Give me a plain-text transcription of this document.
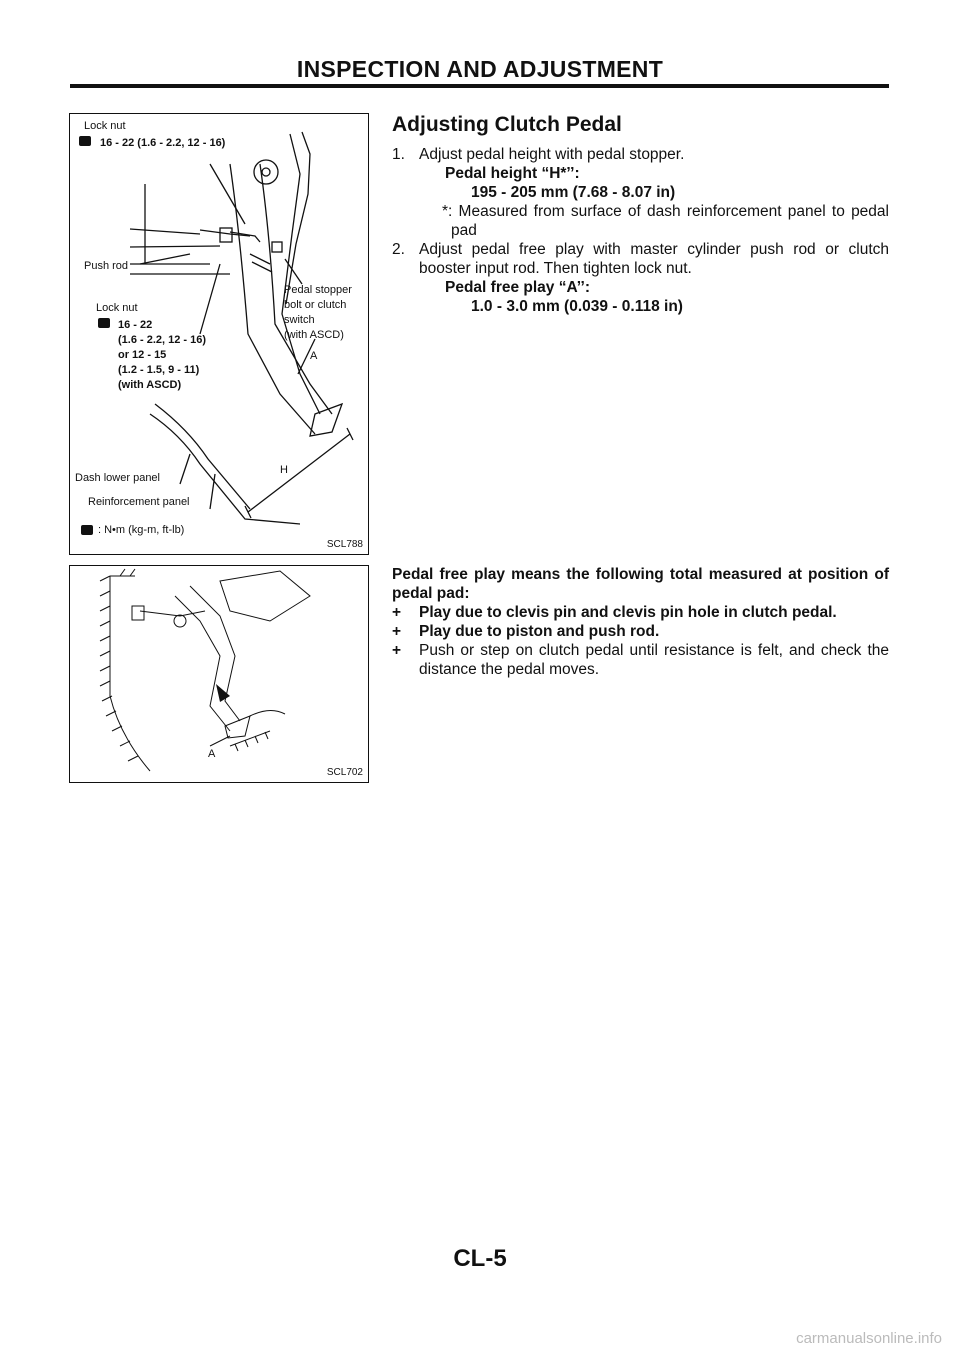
INSPECTION AND ADJUSTMENT
Lock nut
16 - 22 (1.6 - 2.2, 12 - 16)
Push rod
Lock nut
16 - 22
(1.6 - 2.2, 12 - 16)
or 12 - 15
(1.2 - 1.5, 9 - 11)
(with ASCD)
Pedal stopper
bolt or clutch
switch
(with ASCD)
A
H
Dash lower panel
Reinforcement panel
: N•m (kg-m, ft-lb)
SCL788
A
SCL702
Adjusting Clutch Pedal
1. Adjust pedal height with pedal stopper.
Pedal height “H*’’:
195 - 205 mm (7.68 - 8.07 in)
*: Measured from surface of dash reinforcement panel to pedal pad
2. Adjust pedal free play with master cylinder push rod or clutch booster input rod. Then tighten lock nut.
Pedal free play “A’’:
1.0 - 3.0 mm (0.039 - 0.118 in)
Pedal free play means the following total measured at position of pedal pad:
+ Play due to clevis pin and clevis pin hole in clutch pedal.
+ Play due to piston and push rod.
+ Push or step on clutch pedal until resistance is felt, and check the distance the pedal moves.
CL-5
carmanualsonline.info
